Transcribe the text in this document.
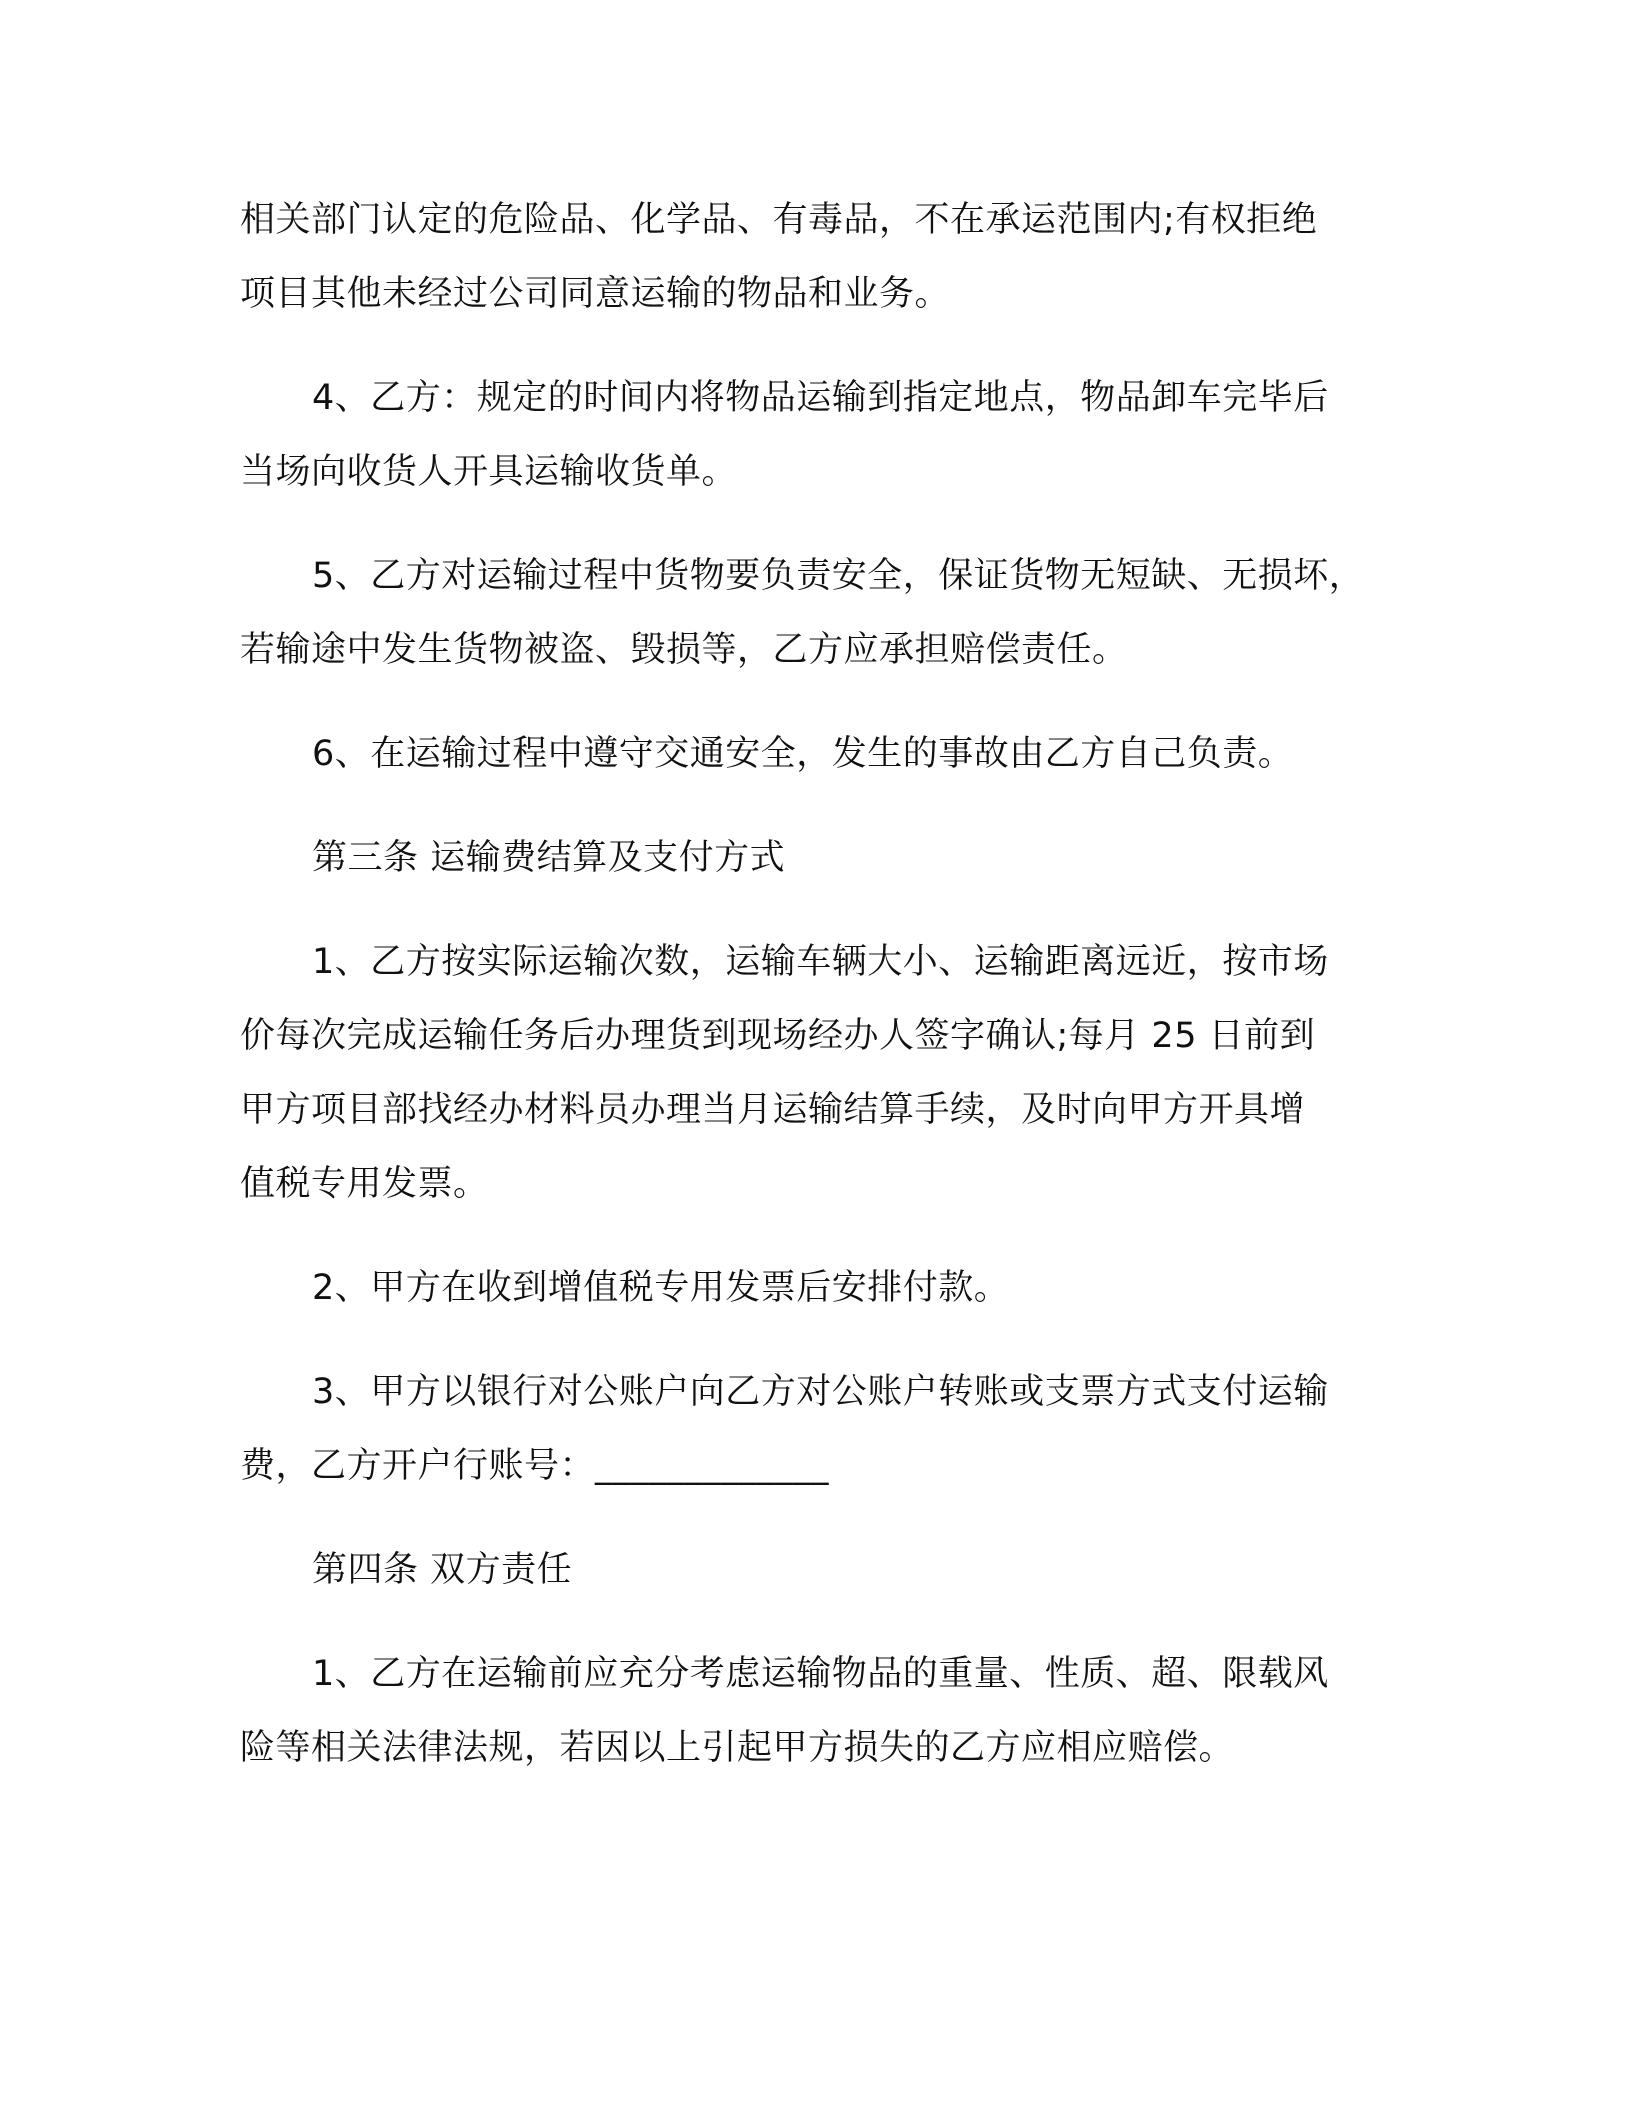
相关部门认定的危险品、化学品、有毒品，不在承运范围内;有权拒绝
项目其他未经过公司同意运输的物品和业务。
4、乙方：规定的时间内将物品运输到指定地点，物品卸车完毕后
当场向收货人开具运输收货单。
5、乙方对运输过程中货物要负责安全，保证货物无短缺、无损坏，
若输途中发生货物被盗、毁损等，乙方应承担赔偿责任。
6、在运输过程中遵守交通安全，发生的事故由乙方自己负责。
第三条 运输费结算及支付方式
1、乙方按实际运输次数，运输车辆大小、运输距离远近，按市场
价每次完成运输任务后办理货到现场经办人签字确认;每月 25 日前到
甲方项目部找经办材料员办理当月运输结算手续，及时向甲方开具增
值税专用发票。
2、甲方在收到增值税专用发票后安排付款。
3、甲方以银行对公账户向乙方对公账户转账或支票方式支付运输
费，乙方开户行账号：_____________
第四条 双方责任
1、乙方在运输前应充分考虑运输物品的重量、性质、超、限载风
险等相关法律法规，若因以上引起甲方损失的乙方应相应赔偿。
